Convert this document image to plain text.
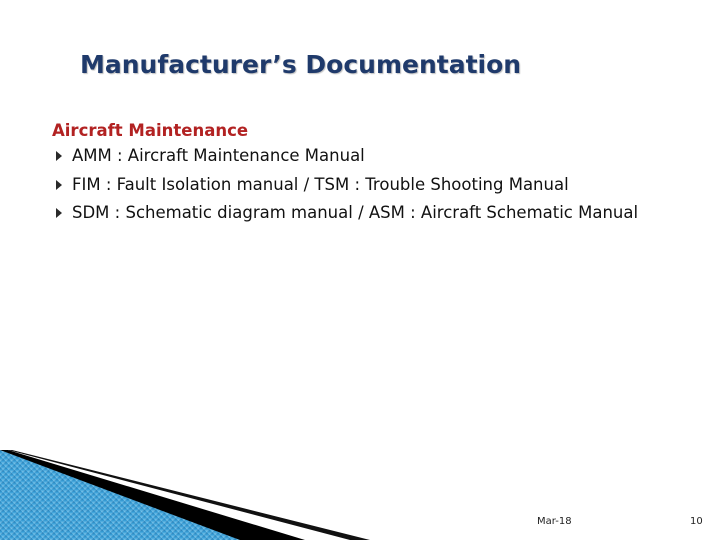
Manufacturer’s Documentation
Aircraft Maintenance
AMM : Aircraft Maintenance Manual
FIM : Fault Isolation manual / TSM : Trouble Shooting Manual
SDM : Schematic diagram manual / ASM : Aircraft Schematic Manual
Mar-18	10
